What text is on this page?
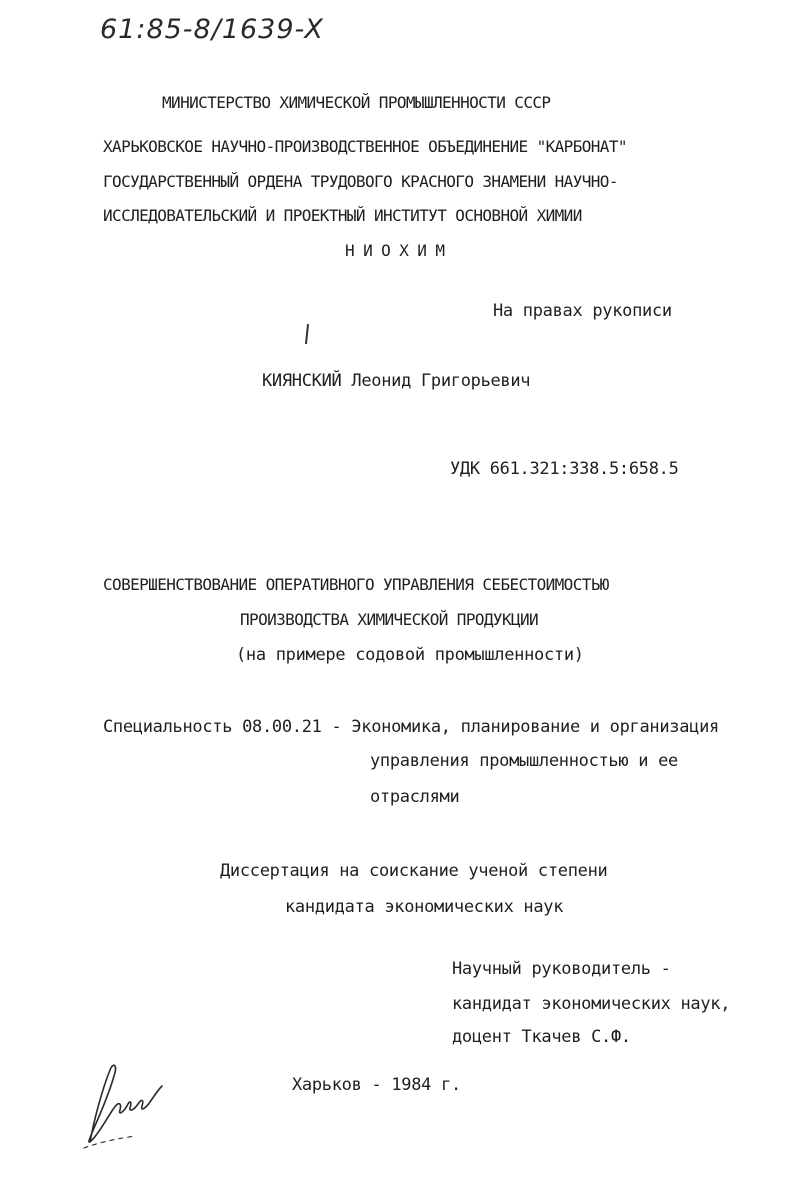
61:85-8/1639-X
МИНИСТЕРСТВО ХИМИЧЕСКОЙ ПРОМЫШЛЕННОСТИ СССР
ХАРЬКОВСКОЕ НАУЧНО-ПРОИЗВОДСТВЕННОЕ ОБЪЕДИНЕНИЕ "КАРБОНАТ"
ГОСУДАРСТВЕННЫЙ ОРДЕНА ТРУДОВОГО КРАСНОГО ЗНАМЕНИ НАУЧНО-
ИССЛЕДОВАТЕЛЬСКИЙ И ПРОЕКТНЫЙ ИНСТИТУТ ОСНОВНОЙ ХИМИИ
Н И О Х И М
На правах рукописи
КИЯНСКИЙ Леонид Григорьевич
УДК 661.321:338.5:658.5
СОВЕРШЕНСТВОВАНИЕ ОПЕРАТИВНОГО УПРАВЛЕНИЯ СЕБЕСТОИМОСТЬЮ
ПРОИЗВОДСТВА ХИМИЧЕСКОЙ ПРОДУКЦИИ
(на примере содовой промышленности)
Специальность 08.00.21 - Экономика, планирование и организация
управления промышленностью и ее
отраслями
Диссертация на соискание ученой степени
кандидата экономических наук
Научный руководитель -
кандидат экономических наук,
доцент Ткачев С.Ф.
Харьков - 1984 г.
